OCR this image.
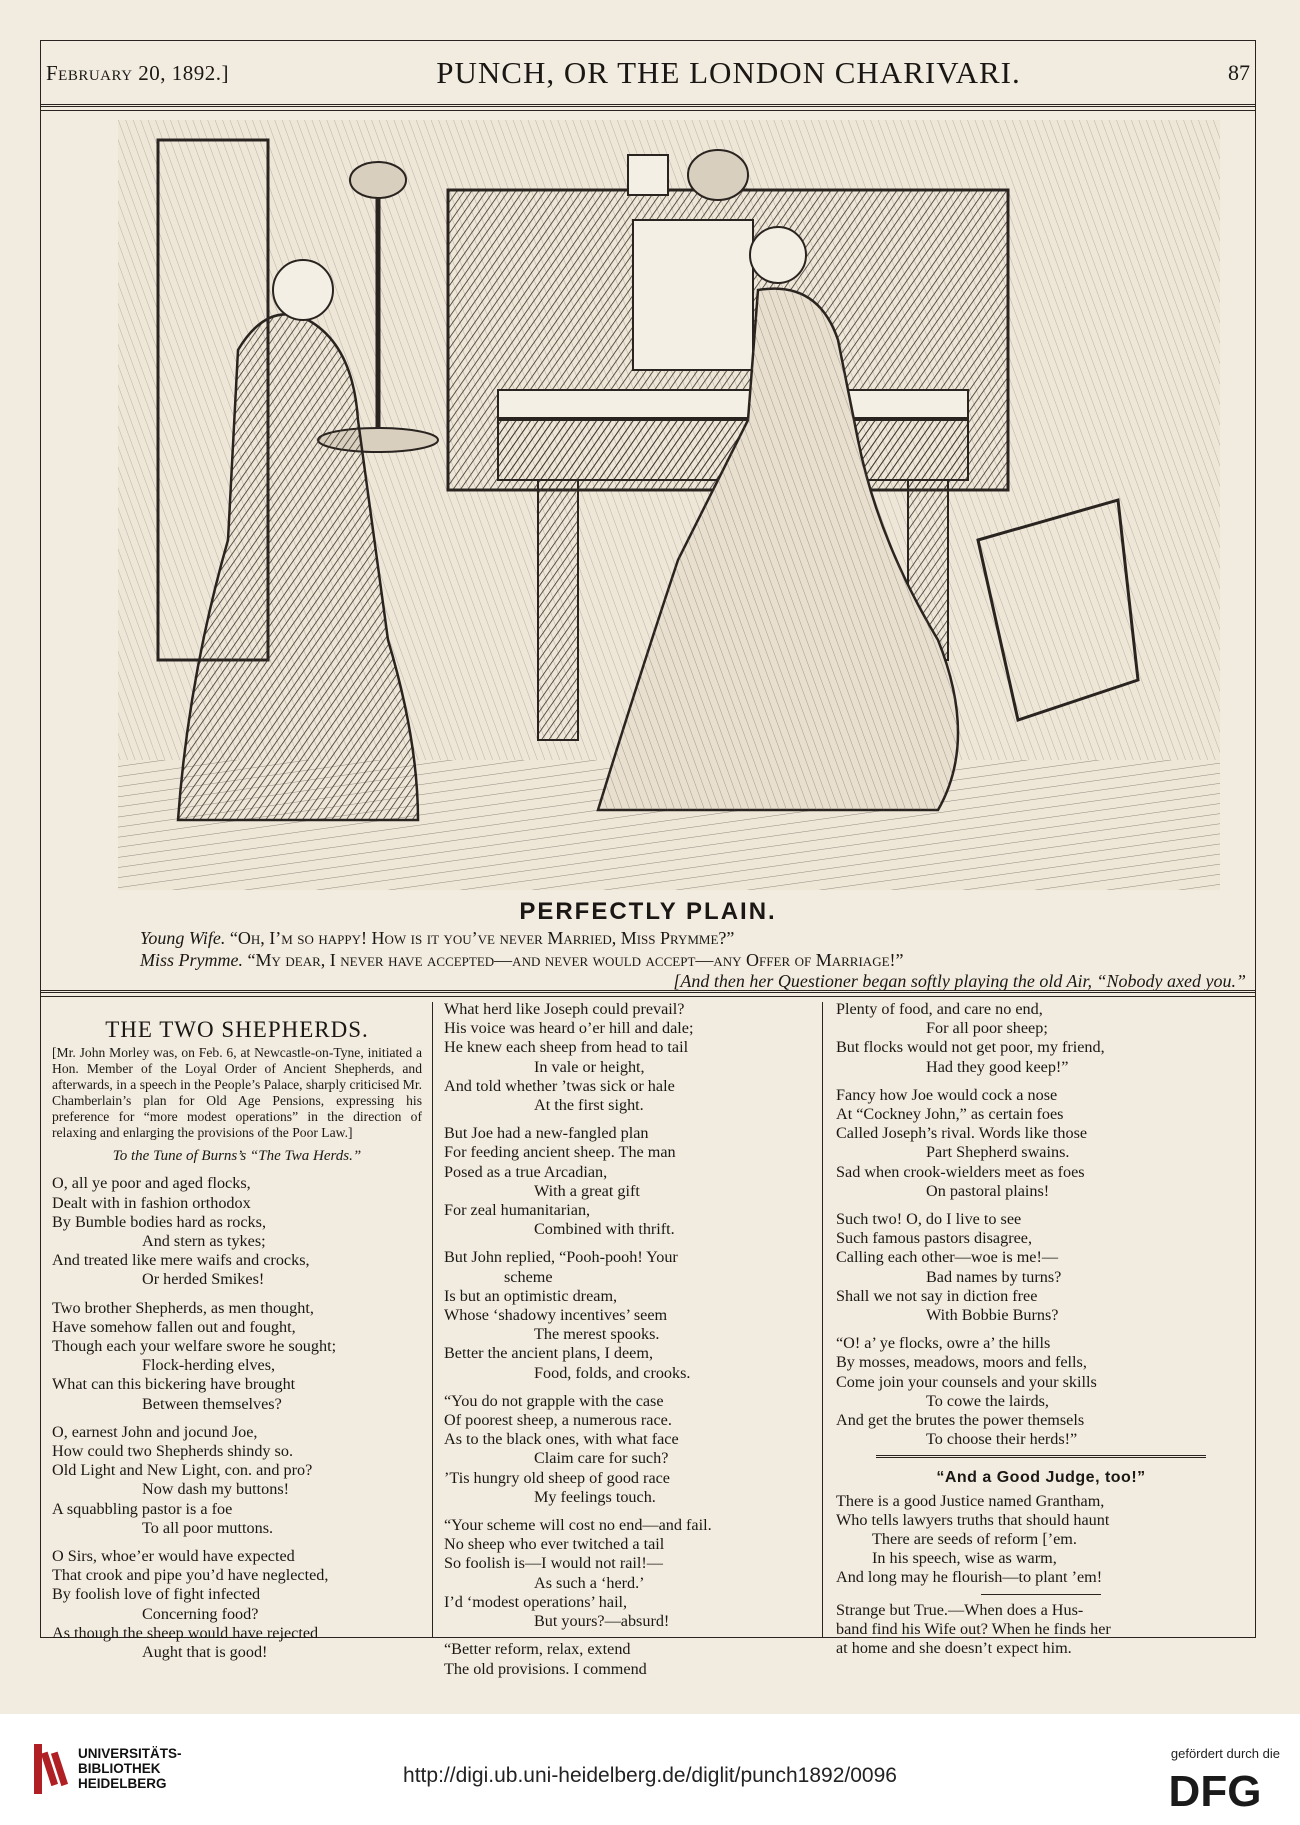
February 20, 1892.]	PUNCH, OR THE LONDON CHARIVARI.	87
PERFECTLY PLAIN.
Young Wife. “Oh, I’m so happy! How is it you’ve never Married, Miss Prymme?”
Miss Prymme. “My dear, I never have accepted—and never would accept—any Offer of Marriage!”
[And then her Questioner began softly playing the old Air, “Nobody axed you.”
THE TWO SHEPHERDS.

[Mr. John Morley was, on Feb. 6, at Newcastle-on-Tyne, initiated a Hon. Member of the Loyal Order of Ancient Shepherds, and afterwards, in a speech in the People’s Palace, sharply criticised Mr. Chamberlain’s plan for Old Age Pensions, expressing his preference for “more modest operations” in the direction of relaxing and enlarging the provisions of the Poor Law.]

To the Tune of Burns’s “The Twa Herds.”

O, all ye poor and aged flocks,

Dealt with in fashion orthodox

By Bumble bodies hard as rocks,

And stern as tykes;

And treated like mere waifs and crocks,

Or herded Smikes!

Two brother Shepherds, as men thought,

Have somehow fallen out and fought,

Though each your welfare swore he sought;

Flock-herding elves,

What can this bickering have brought

Between themselves?

O, earnest John and jocund Joe,

How could two Shepherds shindy so.

Old Light and New Light, con. and pro?

Now dash my buttons!

A squabbling pastor is a foe

To all poor muttons.

O Sirs, whoe’er would have expected

That crook and pipe you’d have neglected,

By foolish love of fight infected

Concerning food?

As though the sheep would have rejected

Aught that is good!

What herd like Joseph could prevail?

His voice was heard o’er hill and dale;

He knew each sheep from head to tail

In vale or height,

And told whether ’twas sick or hale

At the first sight.

But Joe had a new-fangled plan

For feeding ancient sheep. The man

Posed as a true Arcadian,

With a great gift

For zeal humanitarian,

Combined with thrift.

But John replied, “Pooh-pooh! Your

scheme

Is but an optimistic dream,

Whose ‘shadowy incentives’ seem

The merest spooks.

Better the ancient plans, I deem,

Food, folds, and crooks.

“You do not grapple with the case

Of poorest sheep, a numerous race.

As to the black ones, with what face

Claim care for such?

’Tis hungry old sheep of good race

My feelings touch.

“Your scheme will cost no end—and fail.

No sheep who ever twitched a tail

So foolish is—I would not rail!—

As such a ‘herd.’

I’d ‘modest operations’ hail,

But yours?—absurd!

“Better reform, relax, extend

The old provisions. I commend

Plenty of food, and care no end,

For all poor sheep;

But flocks would not get poor, my friend,

Had they good keep!”

Fancy how Joe would cock a nose

At “Cockney John,” as certain foes

Called Joseph’s rival. Words like those

Part Shepherd swains.

Sad when crook-wielders meet as foes

On pastoral plains!

Such two! O, do I live to see

Such famous pastors disagree,

Calling each other—woe is me!—

Bad names by turns?

Shall we not say in diction free

With Bobbie Burns?

“O! a’ ye flocks, owre a’ the hills

By mosses, meadows, moors and fells,

Come join your counsels and your skills

To cowe the lairds,

And get the brutes the power themsels

To choose their herds!”

“And a Good Judge, too!”

There is a good Justice named Grantham,

Who tells lawyers truths that should haunt

There are seeds of reform [’em.

In his speech, wise as warm,

And long may he flourish—to plant ’em!

Strange but True.—When does a Hus-

band find his Wife out? When he finds her

at home and she doesn’t expect him.

UNIVERSITÄTS-
BIBLIOTHEK
HEIDELBERG	http://digi.ub.uni-heidelberg.de/diglit/punch1892/0096
gefördert durch die
DFG
